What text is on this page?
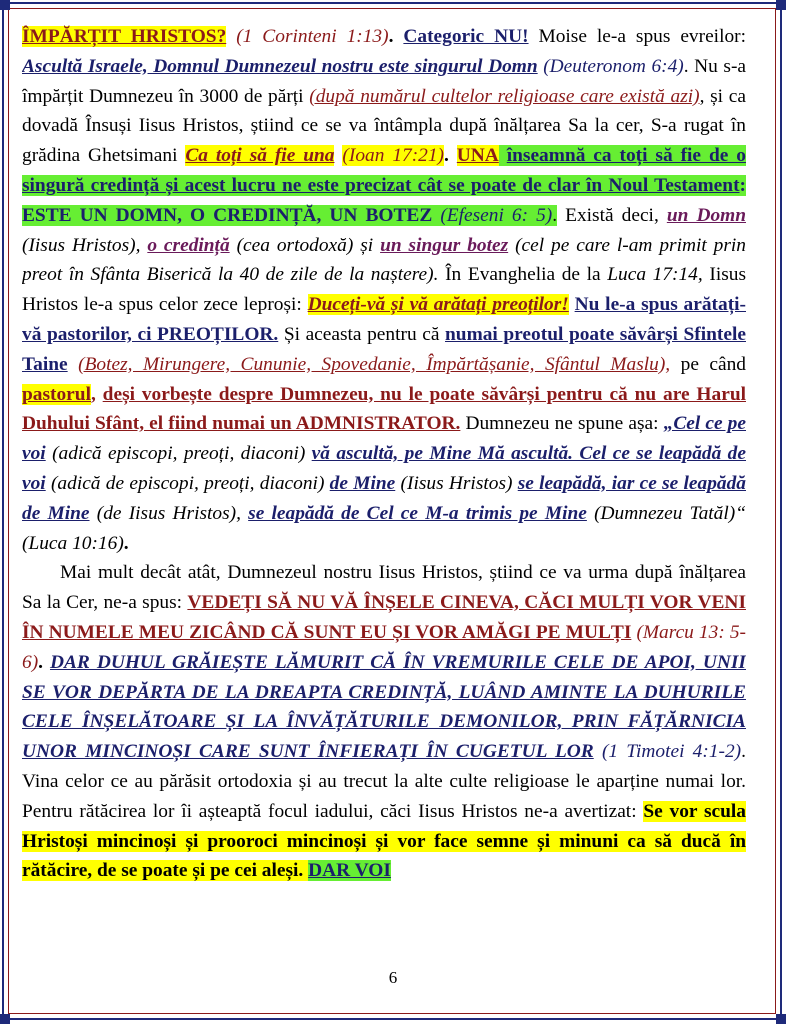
ÎMPĂRȚIT HRISTOS? (1 Corinteni 1:13). Categoric NU! Moise le-a spus evreilor: Ascultă Israele, Domnul Dumnezeul nostru este singurul Domn (Deuteronom 6:4). Nu s-a împărțit Dumnezeu în 3000 de părți (după numărul cultelor religioase care există azi), și ca dovadă Însuși Iisus Hristos, știind ce se va întâmpla după înălțarea Sa la cer, S-a rugat în grădina Ghetsimani Ca toți să fie una (Ioan 17:21). UNA înseamnă ca toți să fie de o singură credință și acest lucru ne este precizat cât se poate de clar în Noul Testament: ESTE UN DOMN, O CREDINȚĂ, UN BOTEZ (Efeseni 6: 5). Există deci, un Domn (Iisus Hristos), o credință (cea ortodoxă) și un singur botez (cel pe care l-am primit prin preot în Sfânta Biserică la 40 de zile de la naștere). În Evanghelia de la Luca 17:14, Iisus Hristos le-a spus celor zece leproși: Duceți-vă și vă arătați preoților! Nu le-a spus arătați-vă pastorilor, ci PREOȚILOR. Și aceasta pentru că numai preotul poate săvârși Sfintele Taine (Botez, Mirungere, Cununie, Spovedanie, Împărtășanie, Sfântul Maslu), pe când pastorul, deși vorbește despre Dumnezeu, nu le poate săvârși pentru că nu are Harul Duhului Sfânt, el fiind numai un ADMNISTRATOR. Dumnezeu ne spune așa: „Cel ce pe voi (adică episcopi, preoți, diaconi) vă ascultă, pe Mine Mă ascultă. Cel ce se leapădă de voi (adică de episcopi, preoți, diaconi) de Mine (Iisus Hristos) se leapădă, iar ce se leapădă de Mine (de Iisus Hristos), se leapădă de Cel ce M-a trimis pe Mine (Dumnezeu Tatăl)“ (Luca 10:16).

Mai mult decât atât, Dumnezeul nostru Iisus Hristos, știind ce va urma după înălțarea Sa la Cer, ne-a spus: VEDEȚI SĂ NU VĂ ÎNȘELE CINEVA, CĂCI MULȚI VOR VENI ÎN NUMELE MEU ZICÂND CĂ SUNT EU ȘI VOR AMĂGI PE MULȚI (Marcu 13: 5-6). DAR DUHUL GRĂIEȘTE LĂMURIT CĂ ÎN VREMURILE CELE DE APOI, UNII SE VOR DEPĂRTA DE LA DREAPTA CREDINȚĂ, LUÂND AMINTE LA DUHURILE CELE ÎNȘELĂTOARE ȘI LA ÎNVĂȚĂTURILE DEMONILOR, PRIN FĂȚĂRNICIA UNOR MINCINOȘI CARE SUNT ÎNFIERAȚI ÎN CUGETUL LOR (1 Timotei 4:1-2). Vina celor ce au părăsit ortodoxia și au trecut la alte culte religioase le aparține numai lor. Pentru rătăcirea lor îi așteaptă focul iadului, căci Iisus Hristos ne-a avertizat: Se vor scula Hristoși mincinoși și prooroci mincinoși și vor face semne și minuni ca să ducă în rătăcire, de se poate și pe cei aleși. DAR VOI

6
